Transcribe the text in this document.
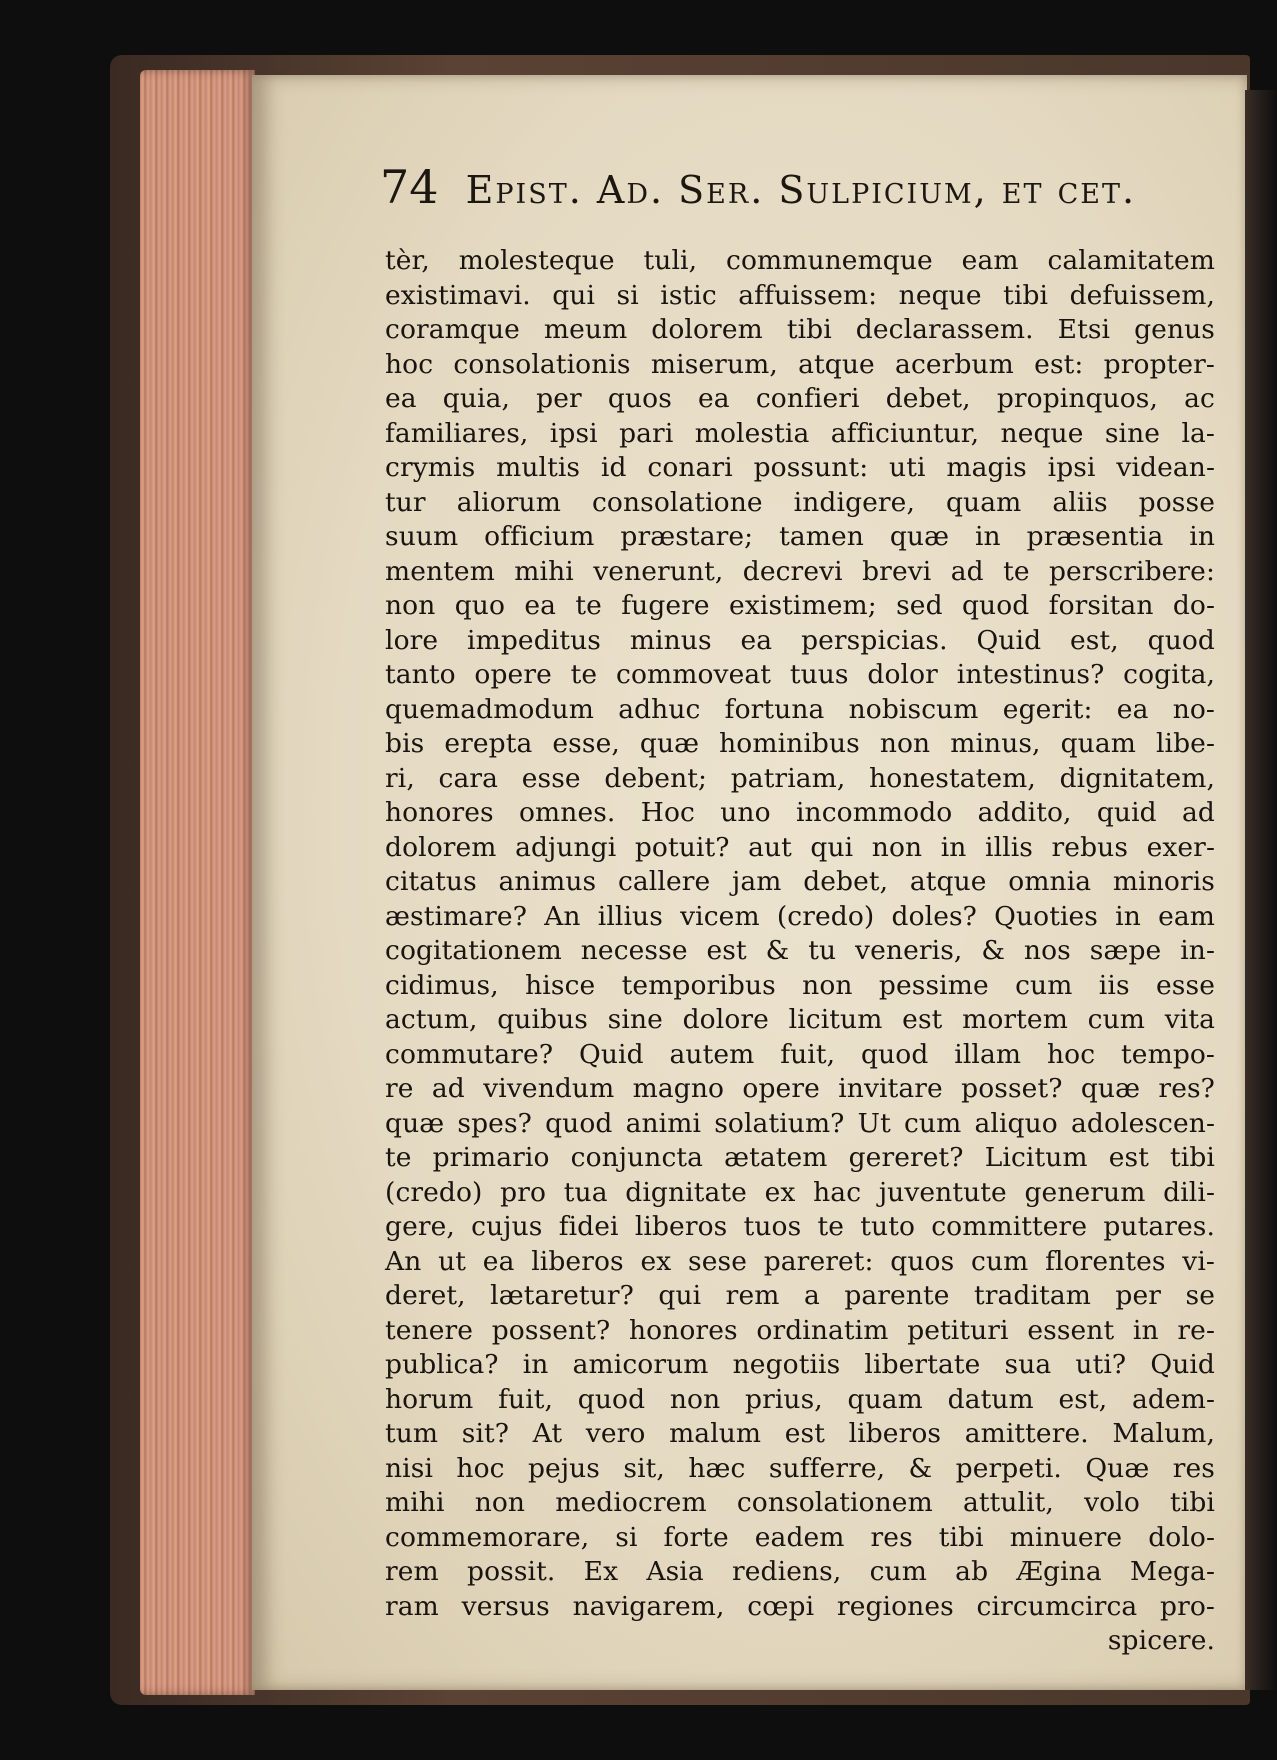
74 Epist. Ad. Ser. Sulpicium, et cet.
tèr, molesteque tuli, communemque eam calamitatem
existimavi. qui si istic affuissem: neque tibi defuissem,
coramque meum dolorem tibi declarassem. Etsi genus
hoc consolationis miserum, atque acerbum est: propter-
ea quia, per quos ea confieri debet, propinquos, ac
familiares, ipsi pari molestia afficiuntur, neque sine la-
crymis multis id conari possunt: uti magis ipsi videan-
tur aliorum consolatione indigere, quam aliis posse
suum officium præstare; tamen quæ in præsentia in
mentem mihi venerunt, decrevi brevi ad te perscribere:
non quo ea te fugere existimem; sed quod forsitan do-
lore impeditus minus ea perspicias. Quid est, quod
tanto opere te commoveat tuus dolor intestinus? cogita,
quemadmodum adhuc fortuna nobiscum egerit: ea no-
bis erepta esse, quæ hominibus non minus, quam libe-
ri, cara esse debent; patriam, honestatem, dignitatem,
honores omnes. Hoc uno incommodo addito, quid ad
dolorem adjungi potuit? aut qui non in illis rebus exer-
citatus animus callere jam debet, atque omnia minoris
æstimare? An illius vicem (credo) doles? Quoties in eam
cogitationem necesse est & tu veneris, & nos sæpe in-
cidimus, hisce temporibus non pessime cum iis esse
actum, quibus sine dolore licitum est mortem cum vita
commutare? Quid autem fuit, quod illam hoc tempo-
re ad vivendum magno opere invitare posset? quæ res?
quæ spes? quod animi solatium? Ut cum aliquo adolescen-
te primario conjuncta ætatem gereret? Licitum est tibi
(credo) pro tua dignitate ex hac juventute generum dili-
gere, cujus fidei liberos tuos te tuto committere putares.
An ut ea liberos ex sese pareret: quos cum florentes vi-
deret, lætaretur? qui rem a parente traditam per se
tenere possent? honores ordinatim petituri essent in re-
publica? in amicorum negotiis libertate sua uti? Quid
horum fuit, quod non prius, quam datum est, adem-
tum sit? At vero malum est liberos amittere. Malum,
nisi hoc pejus sit, hæc sufferre, & perpeti. Quæ res
mihi non mediocrem consolationem attulit, volo tibi
commemorare, si forte eadem res tibi minuere dolo-
rem possit. Ex Asia rediens, cum ab Ægina Mega-
ram versus navigarem, cœpi regiones circumcirca pro-
spicere.
